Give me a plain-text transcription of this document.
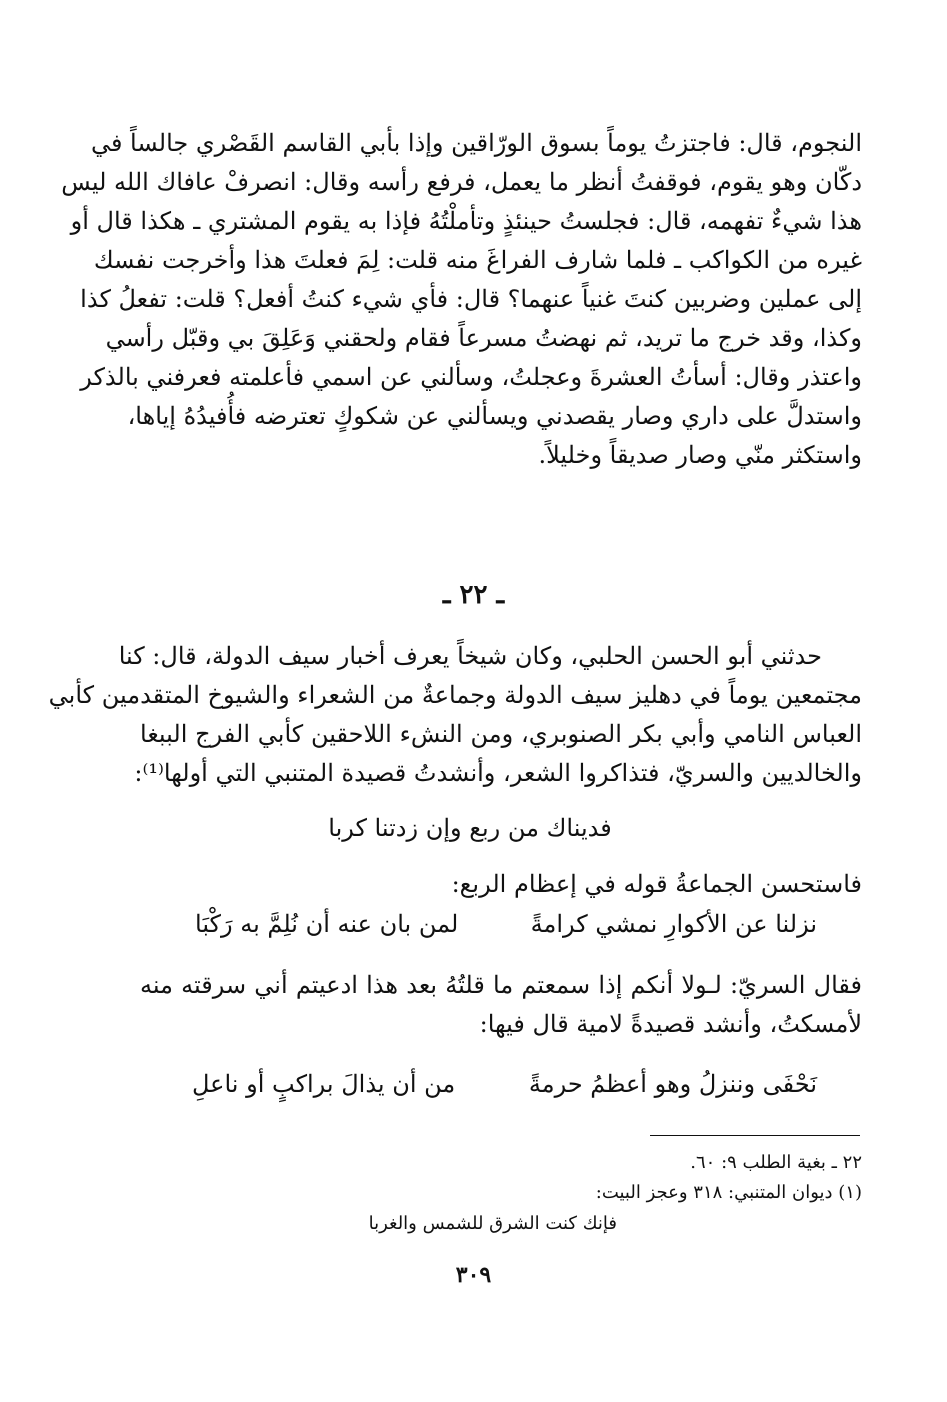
النجوم، قال: فاجتزتُ يوماً بسوق الورّاقين وإذا بأبي القاسم القَصْري جالساً في
دكّان وهو يقوم، فوقفتُ أنظر ما يعمل، فرفع رأسه وقال: انصرفْ عافاك الله ليس
هذا شيءٌ تفهمه، قال: فجلستُ حينئذٍ وتأملْتُهُ فإذا به يقوم المشتري ـ هكذا قال أو
غيره من الكواكب ـ فلما شارف الفراغَ منه قلت: لِمَ فعلتَ هذا وأخرجت نفسك
إلى عملين وضربين كنتَ غنياً عنهما؟ قال: فأي شيء كنتُ أفعل؟ قلت: تفعلُ كذا
وكذا، وقد خرج ما تريد، ثم نهضتُ مسرعاً فقام ولحقني وَعَلِقَ بي وقبّل رأسي
واعتذر وقال: أسأتُ العشرةَ وعجلتُ، وسألني عن اسمي فأعلمته فعرفني بالذكر
واستدلَّ على داري وصار يقصدني ويسألني عن شكوكٍ تعترضه فأُفيدُهُ إياها،
واستكثر منّي وصار صديقاً وخليلاً.
ـ ٢٢ ـ
حدثني أبو الحسن الحلبي، وكان شيخاً يعرف أخبار سيف الدولة، قال: كنا
مجتمعين يوماً في دهليز سيف الدولة وجماعةٌ من الشعراء والشيوخ المتقدمين كأبي
العباس النامي وأبي بكر الصنوبري، ومن النشء اللاحقين كأبي الفرج الببغا
والخالديين والسريّ، فتذاكروا الشعر، وأنشدتُ قصيدة المتنبي التي أولها⁽¹⁾:
فديناك من ربع وإن زدتنا كربا
فاستحسن الجماعةُ قوله في إعظام الربع:
نزلنا عن الأكوارِ نمشي كرامةً
لمن بان عنه أن نُلِمَّ به رَكْبَا
فقال السريّ: لـولا أنكم إذا سمعتم ما قلتُهُ بعد هذا ادعيتم أني سرقته منه
لأمسكتُ، وأنشد قصيدةً لامية قال فيها:
نَحْفَى وننزلُ وهو أعظمُ حرمةً
من أن يذالَ براكبٍ أو ناعلِ
٢٢ ـ بغية الطلب ٩: ٦٠.
(١) ديوان المتنبي: ٣١٨ وعجز البيت:
فإنك كنت الشرق للشمس والغربا
٣٠٩
